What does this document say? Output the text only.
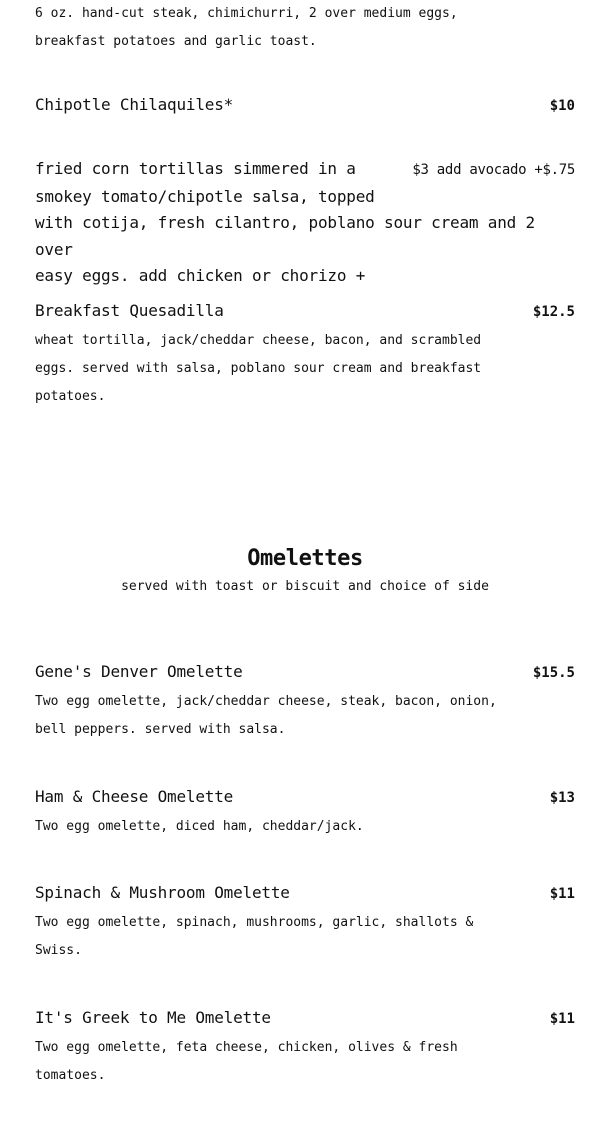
6 oz. hand-cut steak, chimichurri, 2 over medium eggs,

breakfast potatoes and garlic toast.

Chipotle Chilaquiles*	$10
fried corn tortillas simmered in a	$3 add avocado +$.75
smokey tomato/chipotle salsa, topped
with cotija, fresh cilantro, poblano sour cream and 2 over
easy eggs. add chicken or chorizo +
Breakfast Quesadilla	$12.5
wheat tortilla, jack/cheddar cheese, bacon, and scrambled eggs. served with salsa, poblano sour cream and breakfast potatoes.
Omelettes

served with toast or biscuit and choice of side

Gene's Denver Omelette	$15.5
Two egg omelette, jack/cheddar cheese, steak, bacon, onion, bell peppers. served with salsa.
Ham & Cheese Omelette	$13
Two egg omelette, diced ham, cheddar/jack.
Spinach & Mushroom Omelette	$11
Two egg omelette, spinach, mushrooms, garlic, shallots & Swiss.
It's Greek to Me Omelette	$11
Two egg omelette, feta cheese, chicken, olives & fresh tomatoes.
